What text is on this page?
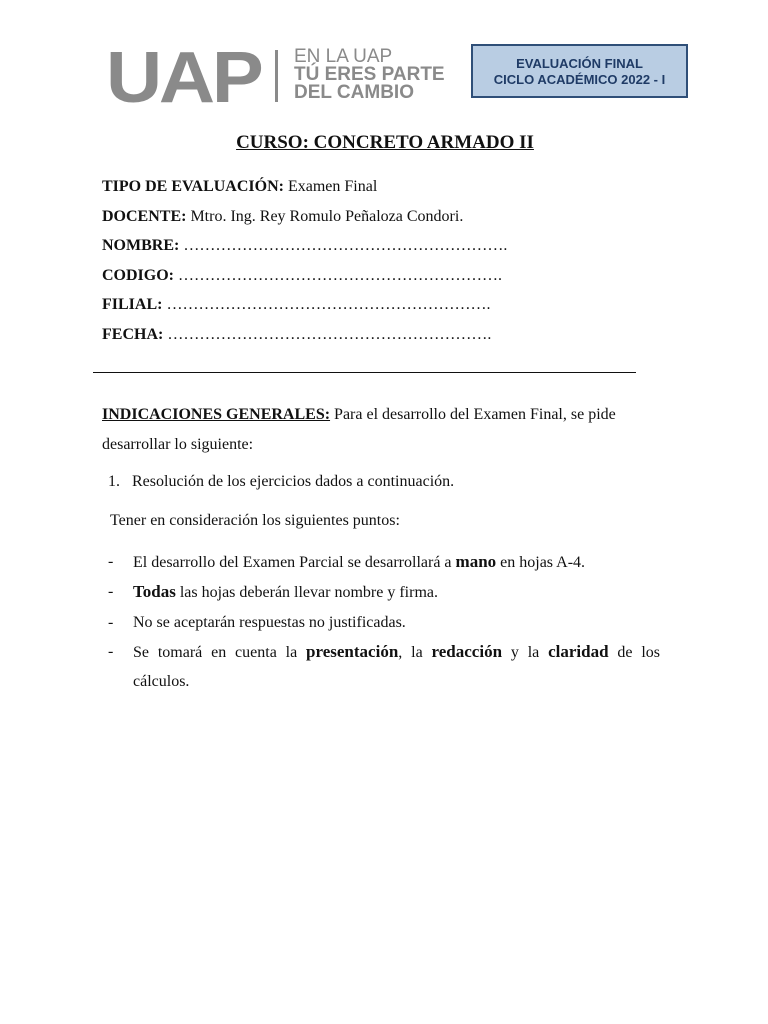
UAP EN LA UAP
TÚ ERES PARTE
DEL CAMBIO
EVALUACIÓN FINAL
CICLO ACADÉMICO 2022 - I
CURSO: CONCRETO ARMADO II
TIPO DE EVALUACIÓN: Examen Final
DOCENTE: Mtro. Ing. Rey Romulo Peñaloza Condori.
NOMBRE: …………………………………………………….
CODIGO: …………………………………………………….
FILIAL: …………………………………………………….
FECHA: …………………………………………………….
INDICACIONES GENERALES: Para el desarrollo del Examen Final, se pide desarrollar lo siguiente:
1. Resolución de los ejercicios dados a continuación.
Tener en consideración los siguientes puntos:
- El desarrollo del Examen Parcial se desarrollará a mano en hojas A-4.
- Todas las hojas deberán llevar nombre y firma.
- No se aceptarán respuestas no justificadas.
- Se tomará en cuenta la presentación, la redacción y la claridad de los cálculos.
